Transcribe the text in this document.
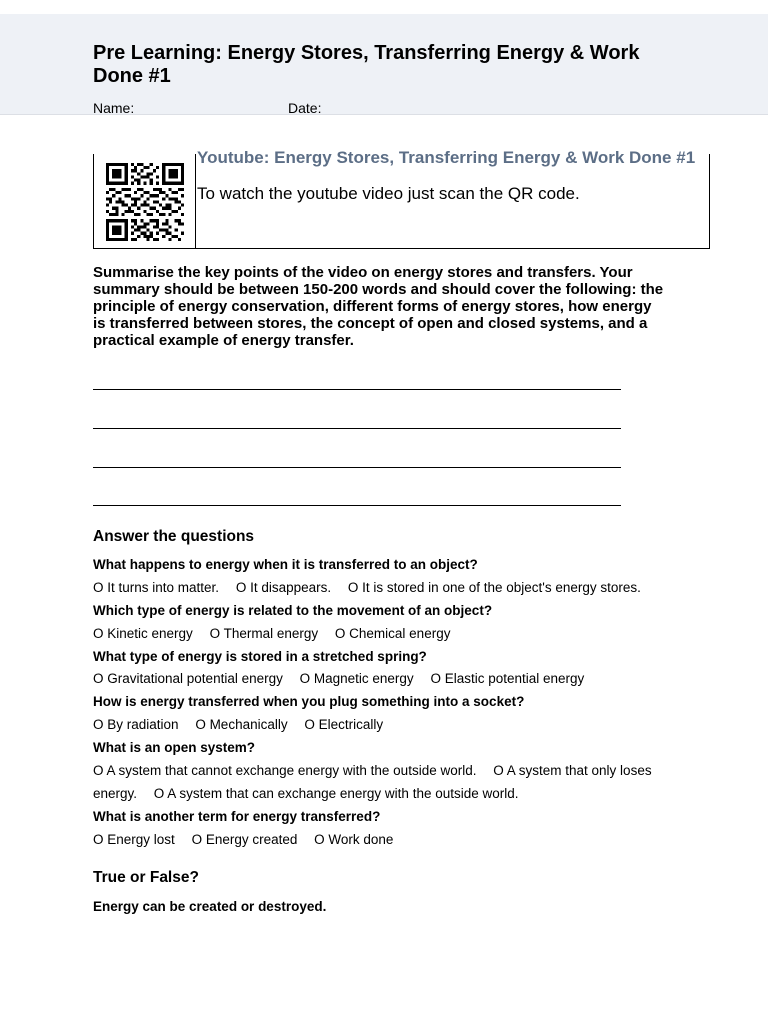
Pre Learning: Energy Stores, Transferring Energy & Work Done #1
Name:	Date:
Youtube: Energy Stores, Transferring Energy & Work Done #1
To watch the youtube video just scan the QR code.
Summarise the key points of the video on energy stores and transfers. Your summary should be between 150-200 words and should cover the following: the principle of energy conservation, different forms of energy stores, how energy is transferred between stores, the concept of open and closed systems, and a practical example of energy transfer.
Answer the questions
What happens to energy when it is transferred to an object?
O It turns into matter. O It disappears. O It is stored in one of the object's energy stores.
Which type of energy is related to the movement of an object?
O Kinetic energy O Thermal energy O Chemical energy
What type of energy is stored in a stretched spring?
O Gravitational potential energy O Magnetic energy O Elastic potential energy
How is energy transferred when you plug something into a socket?
O By radiation O Mechanically O Electrically
What is an open system?
O A system that cannot exchange energy with the outside world. O A system that only loses energy. O A system that can exchange energy with the outside world.
What is another term for energy transferred?
O Energy lost O Energy created O Work done
True or False?
Energy can be created or destroyed.
